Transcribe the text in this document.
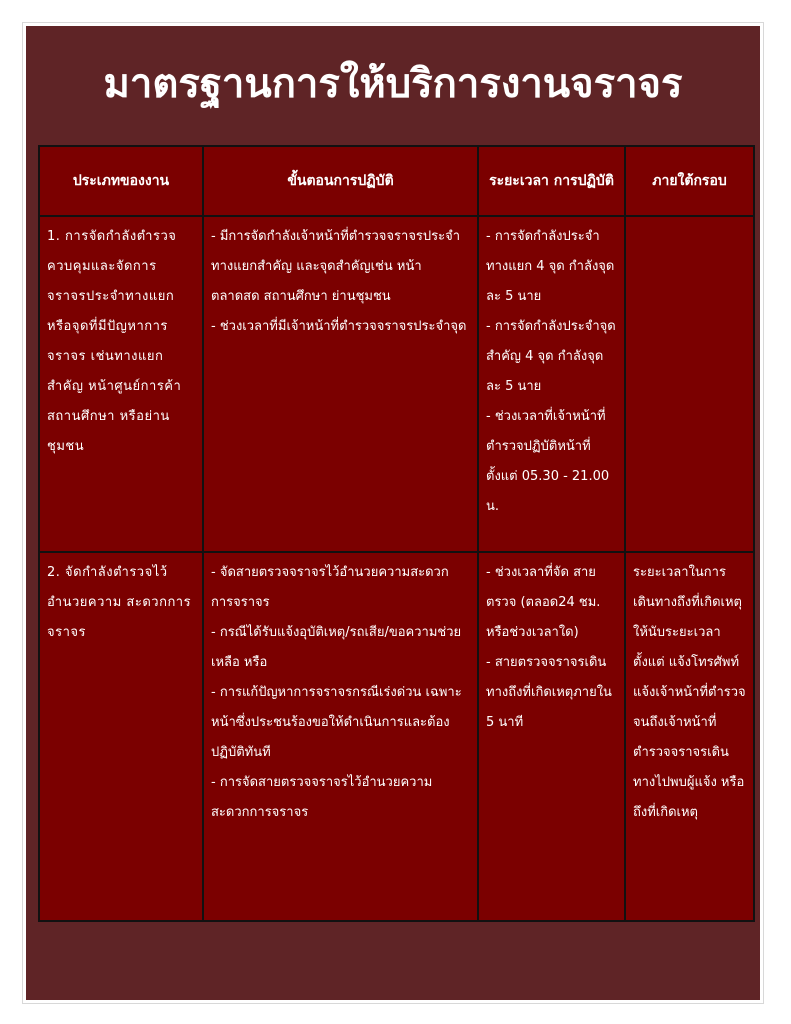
มาตรฐานการให้บริการงานจราจร
ประเภทของงาน	ขั้นตอนการปฏิบัติ	ระยะเวลา การปฏิบัติ	ภายใต้กรอบ
1. การจัดกำลังตำรวจควบคุมและจัดการจราจรประจำทางแยกหรือจุดที่มีปัญหาการจราจร เช่นทางแยกสำคัญ หน้าศูนย์การค้า สถานศึกษา หรือย่านชุมชน	- มีการจัดกำลังเจ้าหน้าที่ตำรวจจราจรประจำทางแยกสำคัญ และจุดสำคัญเช่น หน้าตลาดสด สถานศึกษา ย่านชุมชน
- ช่วงเวลาที่มีเจ้าหน้าที่ตำรวจจราจรประจำจุด	- การจัดกำลังประจำทางแยก 4 จุด กำลังจุดละ 5 นาย
- การจัดกำลังประจำจุดสำคัญ 4 จุด กำลังจุดละ 5 นาย
- ช่วงเวลาที่เจ้าหน้าที่ตำรวจปฏิบัติหน้าที่ตั้งแต่ 05.30 - 21.00 น.	

2. จัดกำลังตำรวจไว้อำนวยความ สะดวกการจราจร	- จัดสายตรวจจราจรไว้อำนวยความสะดวกการจราจร
- กรณีได้รับแจ้งอุบัติเหตุ/รถเสีย/ขอความช่วยเหลือ หรือ
- การแก้ปัญหาการจราจรกรณีเร่งด่วน เฉพาะหน้าซึ่งประชนร้องขอให้ดำเนินการและต้องปฏิบัติทันที
- การจัดสายตรวจจราจรไว้อำนวยความสะดวกการจราจร	- ช่วงเวลาที่จัด สายตรวจ (ตลอด24 ชม. หรือช่วงเวลาใด)
- สายตรวจจราจรเดินทางถึงที่เกิดเหตุภายใน 5 นาที	ระยะเวลาในการเดินทางถึงที่เกิดเหตุให้นับระยะเวลาตั้งแต่ แจ้งโทรศัพท์แจ้งเจ้าหน้าที่ตำรวจจนถึงเจ้าหน้าที่ตำรวจจราจรเดินทางไปพบผู้แจ้ง หรือถึงที่เกิดเหตุ
